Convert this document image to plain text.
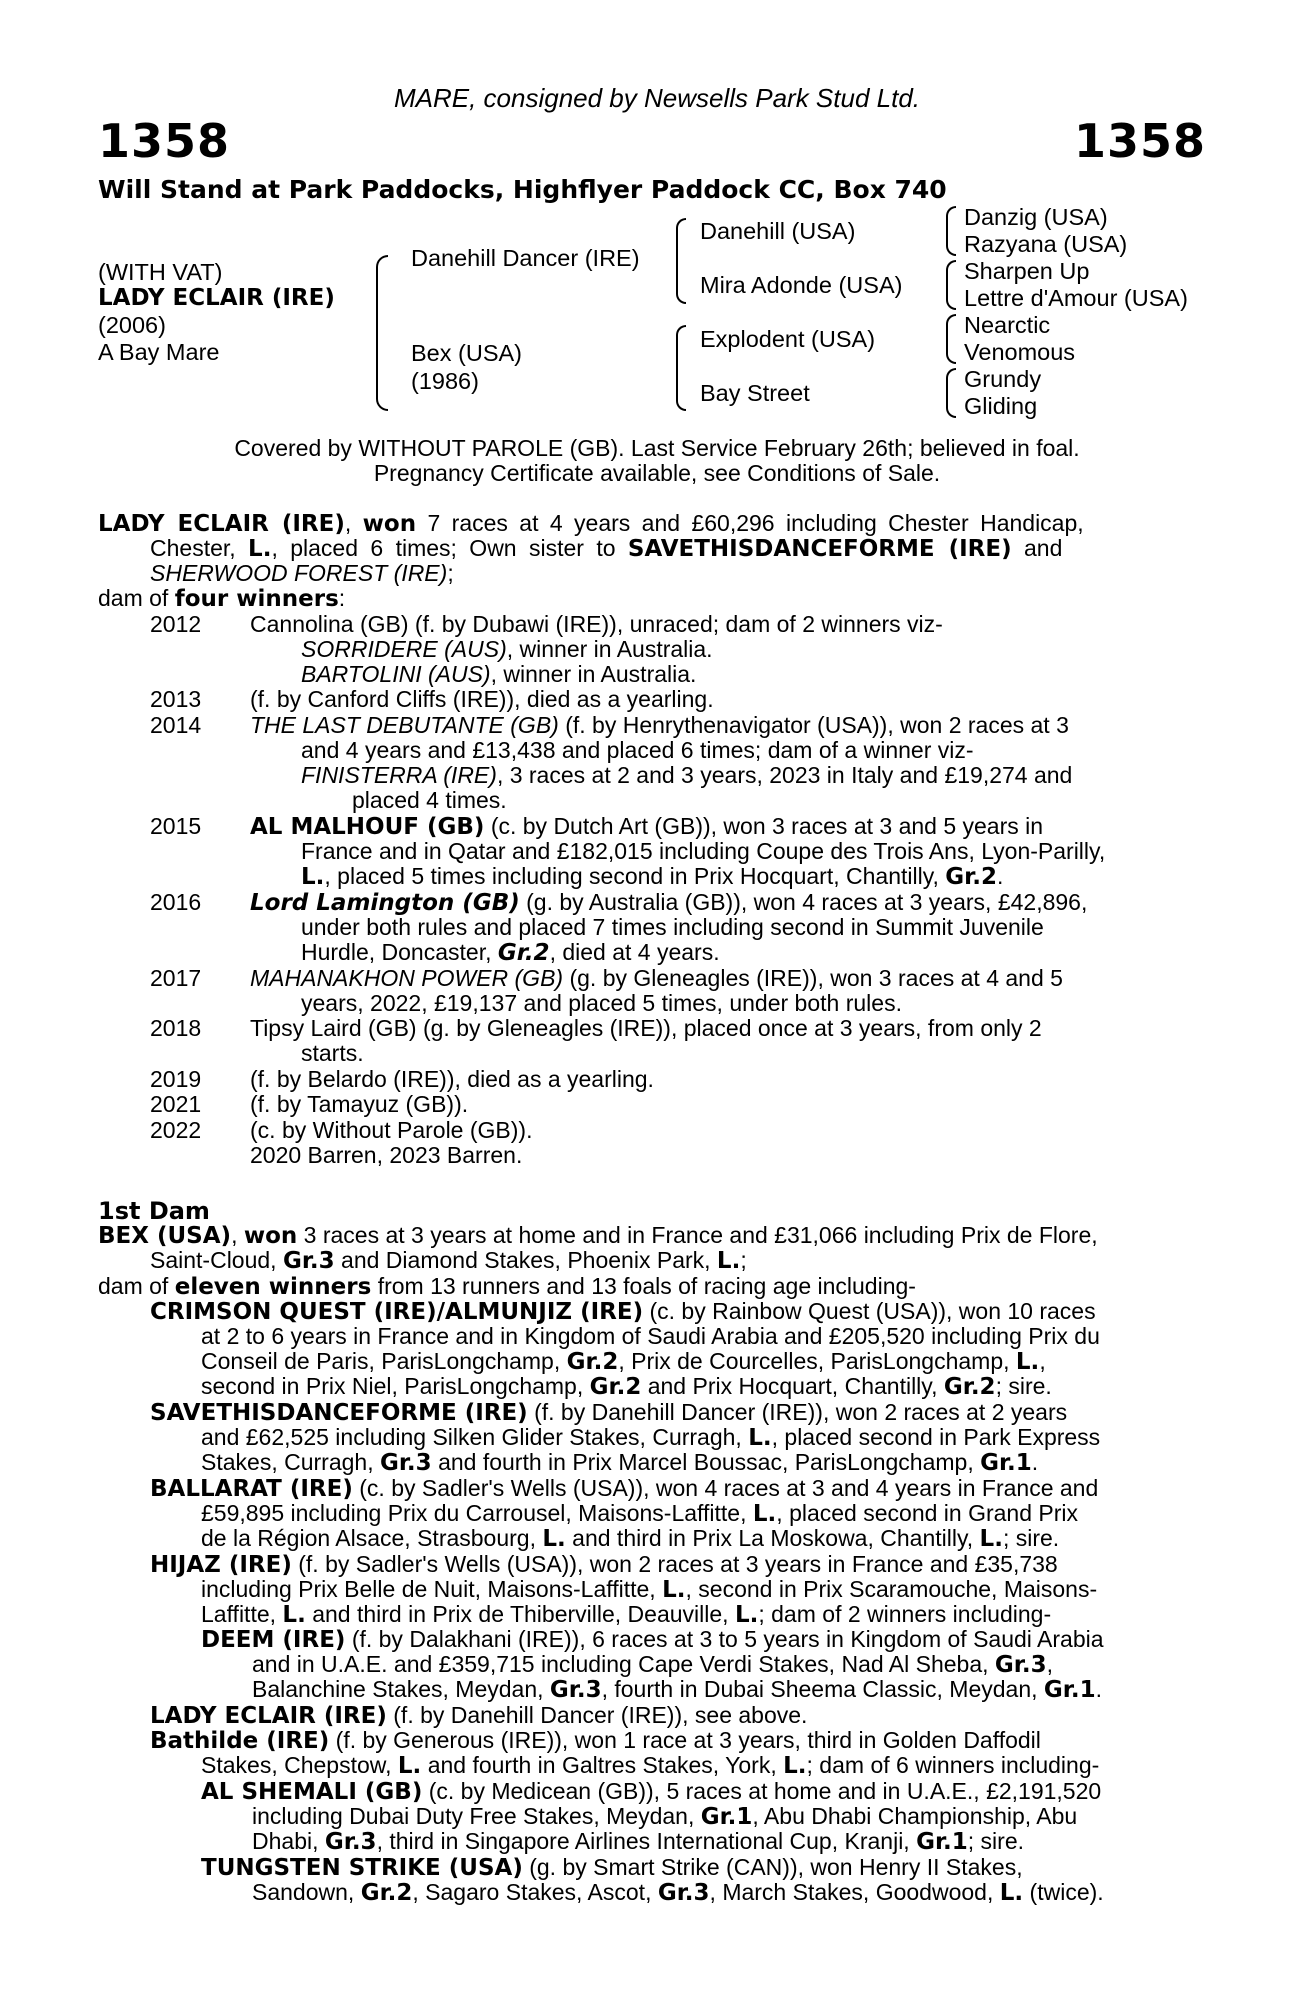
MARE, consigned by Newsells Park Stud Ltd.
1358	1358
Will Stand at Park Paddocks, Highflyer Paddock CC, Box 740
(WITH VAT)
LADY ECLAIR (IRE)
(2006)
A Bay Mare
Danehill Dancer (IRE)
Bex (USA)
(1986)
Danehill (USA)
Mira Adonde (USA)
Explodent (USA)
Bay Street
Danzig (USA)
Razyana (USA)
Sharpen Up
Lettre d'Amour (USA)
Nearctic
Venomous
Grundy
Gliding
Covered by WITHOUT PAROLE (GB). Last Service February 26th; believed in foal.
Pregnancy Certificate available, see Conditions of Sale.
LADY ECLAIR (IRE), won 7 races at 4 years and £60,296 including Chester Handicap,
Chester, L., placed 6 times; Own sister to SAVETHISDANCEFORME (IRE) and
SHERWOOD FOREST (IRE);
dam of four winners:
2012 Cannolina (GB) (f. by Dubawi (IRE)), unraced; dam of 2 winners viz-
SORRIDERE (AUS), winner in Australia.
BARTOLINI (AUS), winner in Australia.
2013 (f. by Canford Cliffs (IRE)), died as a yearling.
2014 THE LAST DEBUTANTE (GB) (f. by Henrythenavigator (USA)), won 2 races at 3
and 4 years and £13,438 and placed 6 times; dam of a winner viz-
FINISTERRA (IRE), 3 races at 2 and 3 years, 2023 in Italy and £19,274 and
placed 4 times.
2015 AL MALHOUF (GB) (c. by Dutch Art (GB)), won 3 races at 3 and 5 years in
France and in Qatar and £182,015 including Coupe des Trois Ans, Lyon-Parilly,
L., placed 5 times including second in Prix Hocquart, Chantilly, Gr.2.
2016 Lord Lamington (GB) (g. by Australia (GB)), won 4 races at 3 years, £42,896,
under both rules and placed 7 times including second in Summit Juvenile
Hurdle, Doncaster, Gr.2, died at 4 years.
2017 MAHANAKHON POWER (GB) (g. by Gleneagles (IRE)), won 3 races at 4 and 5
years, 2022, £19,137 and placed 5 times, under both rules.
2018 Tipsy Laird (GB) (g. by Gleneagles (IRE)), placed once at 3 years, from only 2
starts.
2019 (f. by Belardo (IRE)), died as a yearling.
2021 (f. by Tamayuz (GB)).
2022 (c. by Without Parole (GB)).
2020 Barren, 2023 Barren.
1st Dam
BEX (USA), won 3 races at 3 years at home and in France and £31,066 including Prix de Flore,
Saint-Cloud, Gr.3 and Diamond Stakes, Phoenix Park, L.;
dam of eleven winners from 13 runners and 13 foals of racing age including-
CRIMSON QUEST (IRE)/ALMUNJIZ (IRE) (c. by Rainbow Quest (USA)), won 10 races
at 2 to 6 years in France and in Kingdom of Saudi Arabia and £205,520 including Prix du
Conseil de Paris, ParisLongchamp, Gr.2, Prix de Courcelles, ParisLongchamp, L.,
second in Prix Niel, ParisLongchamp, Gr.2 and Prix Hocquart, Chantilly, Gr.2; sire.
SAVETHISDANCEFORME (IRE) (f. by Danehill Dancer (IRE)), won 2 races at 2 years
and £62,525 including Silken Glider Stakes, Curragh, L., placed second in Park Express
Stakes, Curragh, Gr.3 and fourth in Prix Marcel Boussac, ParisLongchamp, Gr.1.
BALLARAT (IRE) (c. by Sadler's Wells (USA)), won 4 races at 3 and 4 years in France and
£59,895 including Prix du Carrousel, Maisons-Laffitte, L., placed second in Grand Prix
de la Région Alsace, Strasbourg, L. and third in Prix La Moskowa, Chantilly, L.; sire.
HIJAZ (IRE) (f. by Sadler's Wells (USA)), won 2 races at 3 years in France and £35,738
including Prix Belle de Nuit, Maisons-Laffitte, L., second in Prix Scaramouche, Maisons-
Laffitte, L. and third in Prix de Thiberville, Deauville, L.; dam of 2 winners including-
DEEM (IRE) (f. by Dalakhani (IRE)), 6 races at 3 to 5 years in Kingdom of Saudi Arabia
and in U.A.E. and £359,715 including Cape Verdi Stakes, Nad Al Sheba, Gr.3,
Balanchine Stakes, Meydan, Gr.3, fourth in Dubai Sheema Classic, Meydan, Gr.1.
LADY ECLAIR (IRE) (f. by Danehill Dancer (IRE)), see above.
Bathilde (IRE) (f. by Generous (IRE)), won 1 race at 3 years, third in Golden Daffodil
Stakes, Chepstow, L. and fourth in Galtres Stakes, York, L.; dam of 6 winners including-
AL SHEMALI (GB) (c. by Medicean (GB)), 5 races at home and in U.A.E., £2,191,520
including Dubai Duty Free Stakes, Meydan, Gr.1, Abu Dhabi Championship, Abu
Dhabi, Gr.3, third in Singapore Airlines International Cup, Kranji, Gr.1; sire.
TUNGSTEN STRIKE (USA) (g. by Smart Strike (CAN)), won Henry II Stakes,
Sandown, Gr.2, Sagaro Stakes, Ascot, Gr.3, March Stakes, Goodwood, L. (twice).
